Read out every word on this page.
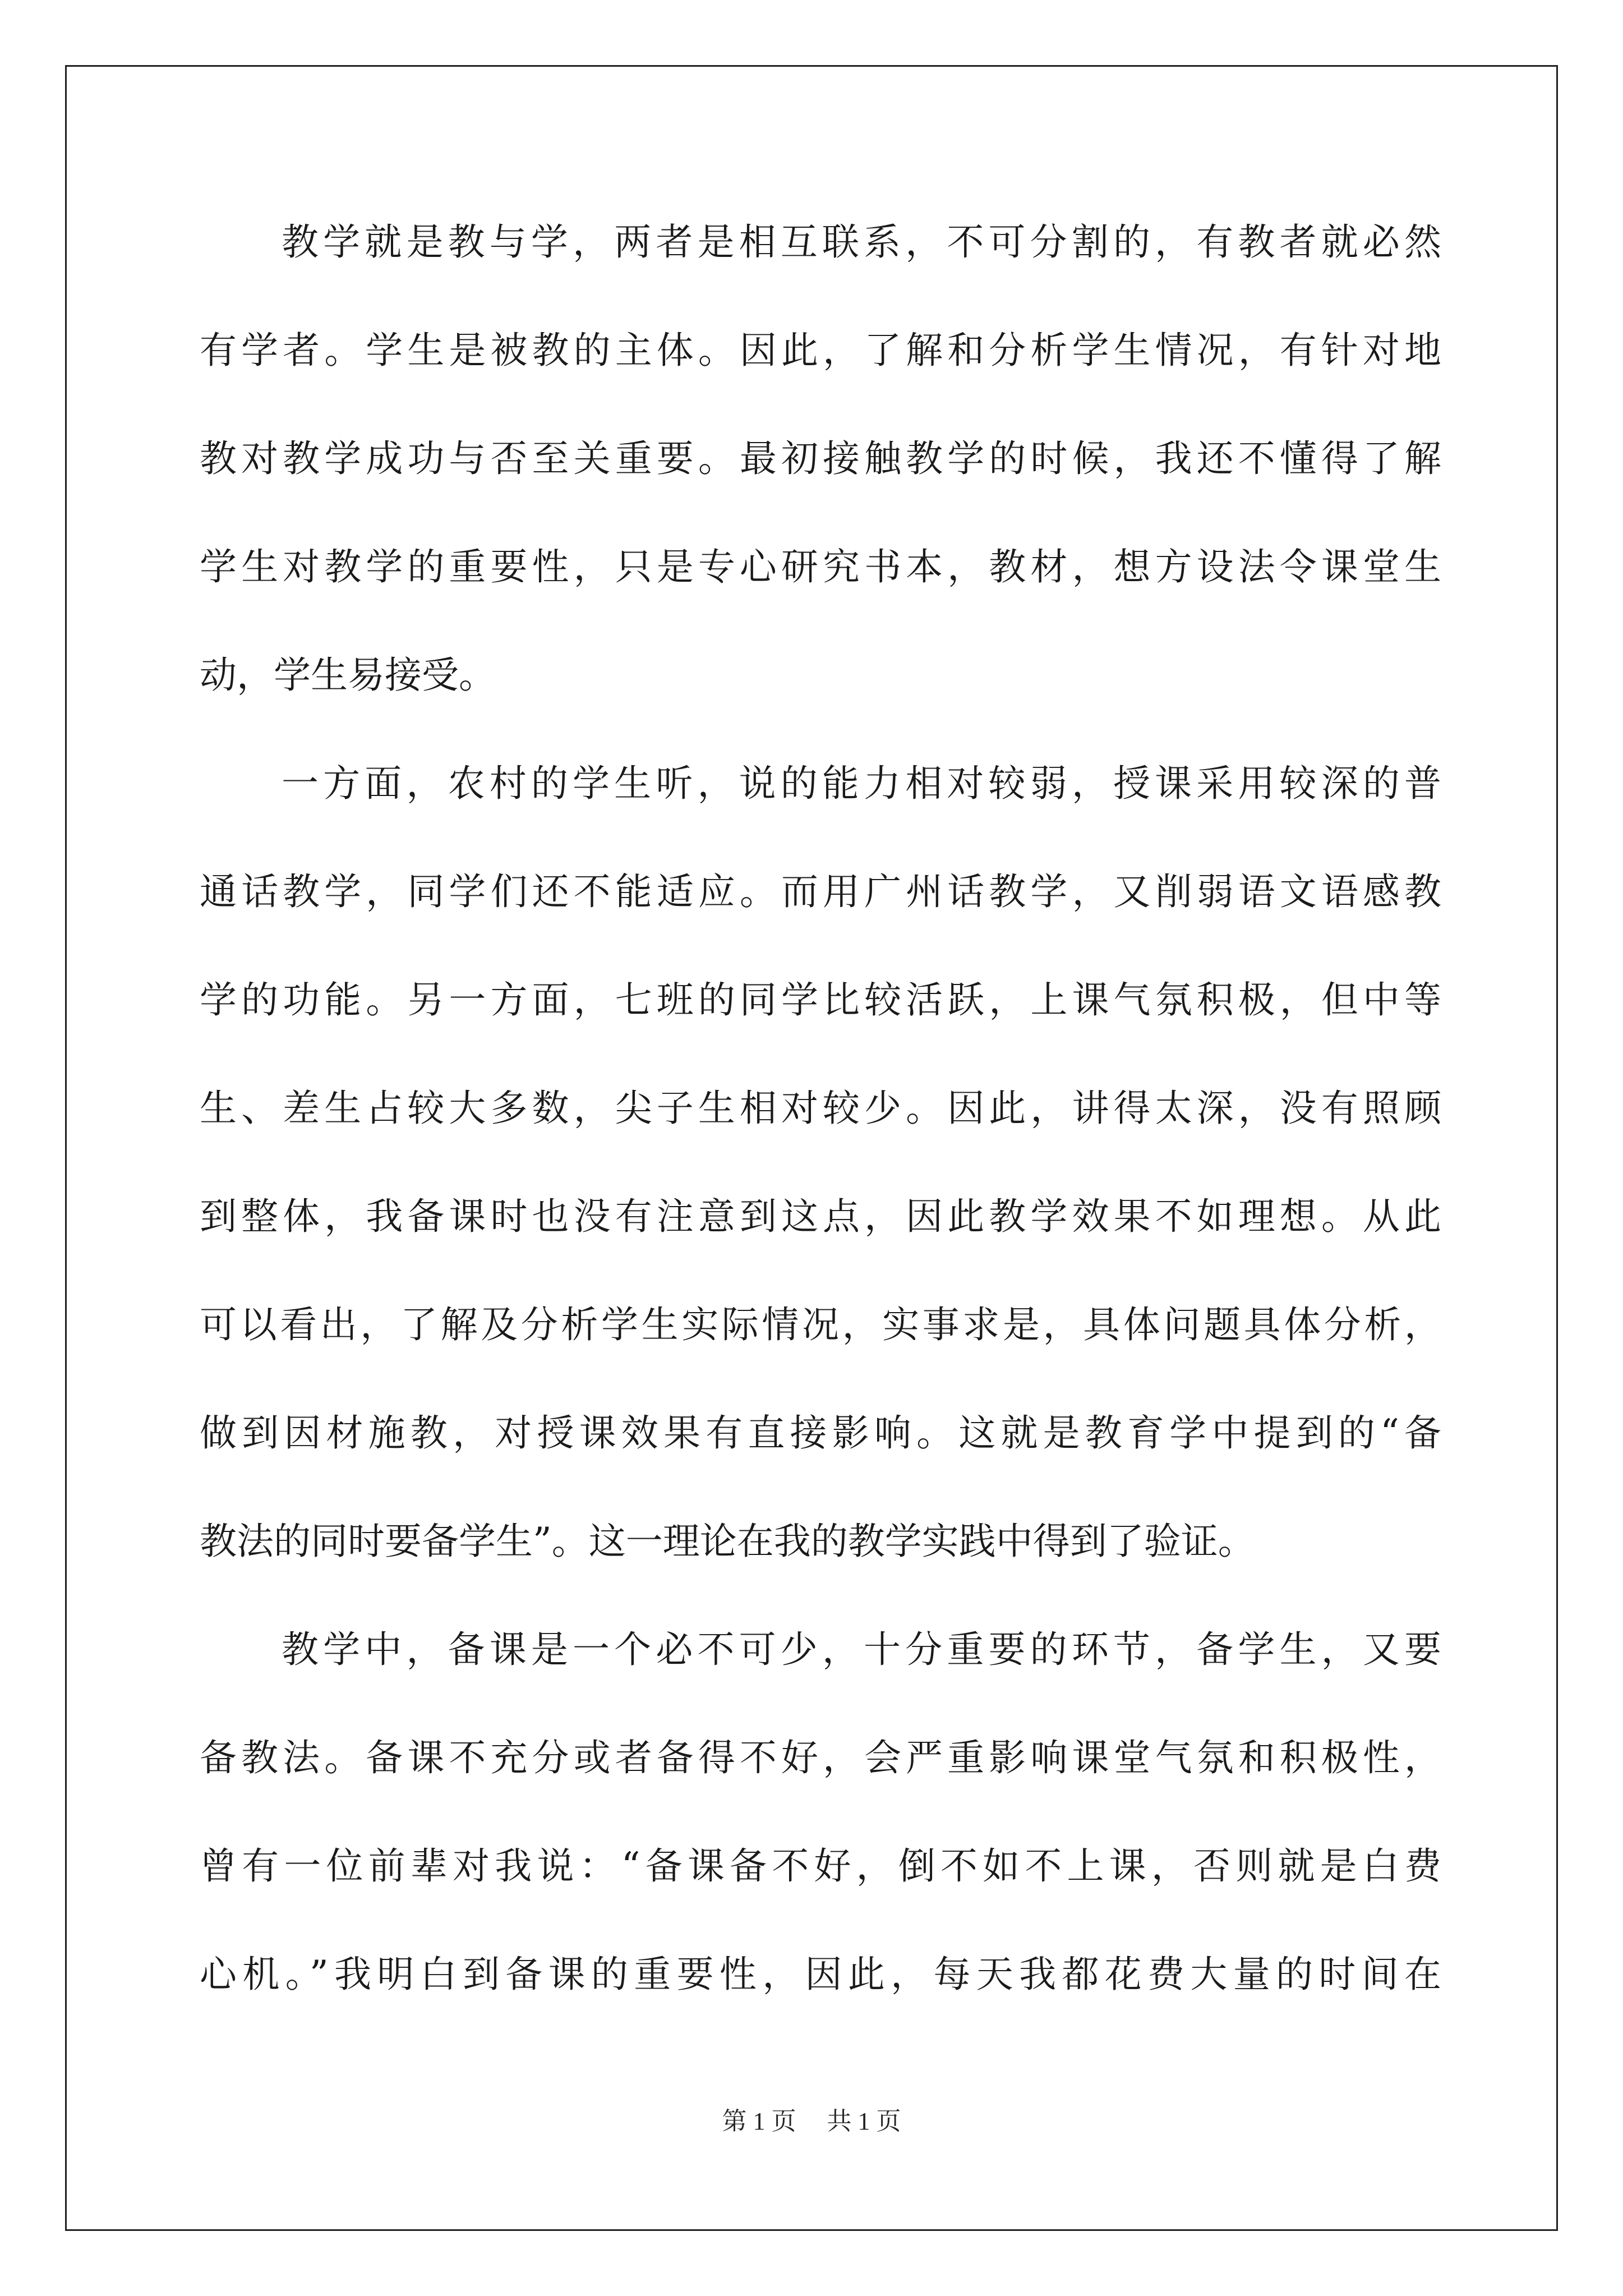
教学就是教与学，两者是相互联系，不可分割的，有教者就必然
有学者。学生是被教的主体。因此，了解和分析学生情况，有针对地
教对教学成功与否至关重要。最初接触教学的时候，我还不懂得了解
学生对教学的重要性，只是专心研究书本，教材，想方设法令课堂生
动，学生易接受。
一方面，农村的学生听，说的能力相对较弱，授课采用较深的普
通话教学，同学们还不能适应。而用广州话教学，又削弱语文语感教
学的功能。另一方面，七班的同学比较活跃，上课气氛积极，但中等
生、差生占较大多数，尖子生相对较少。因此，讲得太深，没有照顾
到整体，我备课时也没有注意到这点，因此教学效果不如理想。从此
可以看出，了解及分析学生实际情况，实事求是，具体问题具体分析，
做到因材施教，对授课效果有直接影响。这就是教育学中提到的“备
教法的同时要备学生”。这一理论在我的教学实践中得到了验证。
教学中，备课是一个必不可少，十分重要的环节，备学生，又要
备教法。备课不充分或者备得不好，会严重影响课堂气氛和积极性，
曾有一位前辈对我说：“备课备不好，倒不如不上课，否则就是白费
心机。”我明白到备课的重要性，因此，每天我都花费大量的时间在
第 1 页 共 1 页
